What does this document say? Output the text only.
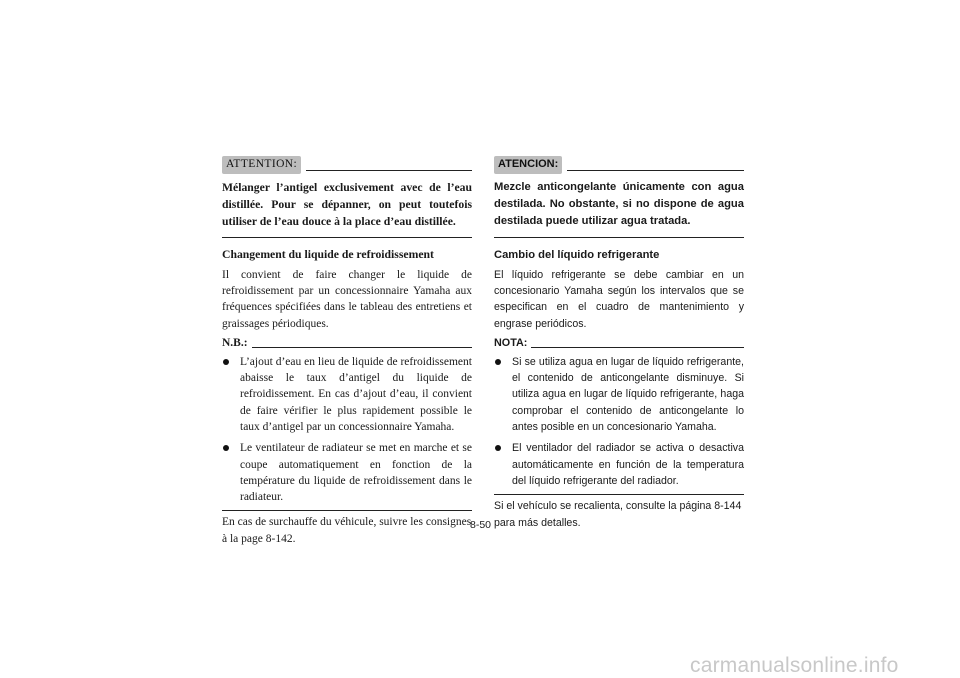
ATTENTION:
Mélanger l’antigel exclusivement avec de l’eau distillée. Pour se dépanner, on peut toutefois utiliser de l’eau douce à la place d’eau distillée.
Changement du liquide de refroidissement
Il convient de faire changer le liquide de refroidissement par un concessionnaire Yamaha aux fréquences spécifiées dans le tableau des entretiens et graissages périodiques.
N.B.:
L’ajout d’eau en lieu de liquide de refroidissement abaisse le taux d’antigel du liquide de refroidissement. En cas d’ajout d’eau, il convient de faire vérifier le plus rapidement possible le taux d’antigel par un concessionnaire Yamaha.
Le ventilateur de radiateur se met en marche et se coupe automatiquement en fonction de la température du liquide de refroidissement dans le radiateur.
En cas de surchauffe du véhicule, suivre les consignes à la page 8-142.
ATENCION:
Mezcle anticongelante únicamente con agua destilada. No obstante, si no dispone de agua destilada puede utilizar agua tratada.
Cambio del líquido refrigerante
El líquido refrigerante se debe cambiar en un concesionario Yamaha según los intervalos que se especifican en el cuadro de mantenimiento y engrase periódicos.
NOTA:
Si se utiliza agua en lugar de líquido refrigerante, el contenido de anticongelante disminuye. Si utiliza agua en lugar de líquido refrigerante, haga comprobar el contenido de anticongelante lo antes posible en un concesionario Yamaha.
El ventilador del radiador se activa o desactiva automáticamente en función de la temperatura del líquido refrigerante del radiador.
Si el vehículo se recalienta, consulte la página 8-144 para más detalles.
8-50
carmanualsonline.info
